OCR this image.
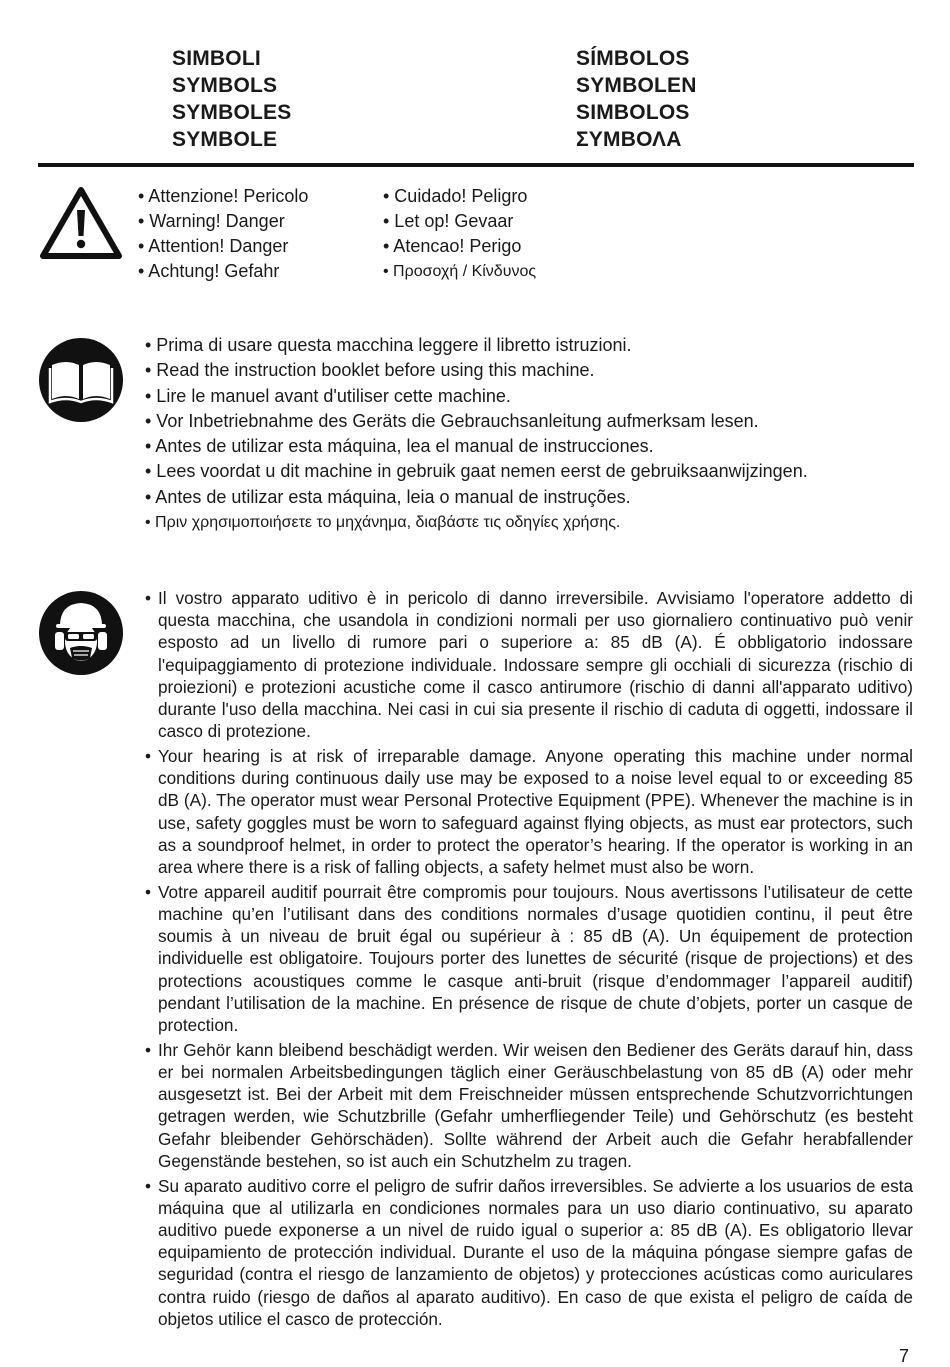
SIMBOLI
SYMBOLS
SYMBOLES
SYMBOLE
SÍMBOLOS
SYMBOLEN
SIMBOLOS
ΣΥΜΒΟΛΑ
• Attenzione! Pericolo
• Warning! Danger
• Attention! Danger
• Achtung! Gefahr
• Cuidado! Peligro
• Let op! Gevaar
• Atencao! Perigo
• Προσοχή / Κίνδυνος
• Prima di usare questa macchina leggere il libretto istruzioni.
• Read the instruction booklet before using this machine.
• Lire le manuel avant d'utiliser cette machine.
• Vor Inbetriebnahme des Geräts die Gebrauchsanleitung aufmerksam lesen.
• Antes de utilizar esta máquina, lea el manual de instrucciones.
• Lees voordat u dit machine in gebruik gaat nemen eerst de gebruiksaanwijzingen.
• Antes de utilizar esta máquina, leia o manual de instruções.
• Πριν χρησιμοποιήσετε το μηχάνημα, διαβάστε τις οδηγίες χρήσης.
• Il vostro apparato uditivo è in pericolo di danno irreversibile. Avvisiamo l'operatore addetto di questa macchina, che usandola in condizioni normali per uso giornaliero continuativo può venir esposto ad un livello di rumore pari o superiore a: 85 dB (A). É obbligatorio indossare l'equipaggiamento di protezione individuale. Indossare sempre gli occhiali di sicurezza (rischio di proiezioni) e protezioni acustiche come il casco antirumore (rischio di danni all'apparato uditivo) durante l'uso della macchina. Nei casi in cui sia presente il rischio di caduta di oggetti, indossare il casco di protezione.
• Your hearing is at risk of irreparable damage. Anyone operating this machine under normal conditions during continuous daily use may be exposed to a noise level equal to or exceeding 85 dB (A). The operator must wear Personal Protective Equipment (PPE). Whenever the machine is in use, safety goggles must be worn to safeguard against flying objects, as must ear protectors, such as a soundproof helmet, in order to protect the operator’s hearing. If the operator is working in an area where there is a risk of falling objects, a safety helmet must also be worn.
• Votre appareil auditif pourrait être compromis pour toujours. Nous avertissons l’utilisateur de cette machine qu’en l’utilisant dans des conditions normales d’usage quotidien continu, il peut être soumis à un niveau de bruit égal ou supérieur à : 85 dB (A). Un équipement de protection individuelle est obligatoire. Toujours porter des lunettes de sécurité (risque de projections) et des protections acoustiques comme le casque anti-bruit (risque d’endommager l’appareil auditif) pendant l’utilisation de la machine. En présence de risque de chute d’objets, porter un casque de protection.
• Ihr Gehör kann bleibend beschädigt werden. Wir weisen den Bediener des Geräts darauf hin, dass er bei normalen Arbeitsbedingungen täglich einer Geräuschbelastung von 85 dB (A) oder mehr ausgesetzt ist. Bei der Arbeit mit dem Freischneider müssen entsprechende Schutzvorrichtungen getragen werden, wie Schutzbrille (Gefahr umherfliegender Teile) und Gehörschutz (es besteht Gefahr bleibender Gehörschäden). Sollte während der Arbeit auch die Gefahr herabfallender Gegenstände bestehen, so ist auch ein Schutzhelm zu tragen.
• Su aparato auditivo corre el peligro de sufrir daños irreversibles. Se advierte a los usuarios de esta máquina que al utilizarla en condiciones normales para un uso diario continuativo, su aparato auditivo puede exponerse a un nivel de ruido igual o superior a: 85 dB (A). Es obligatorio llevar equipamiento de protección individual. Durante el uso de la máquina póngase siempre gafas de seguridad (contra el riesgo de lanzamiento de objetos) y protecciones acústicas como auriculares contra ruido (riesgo de daños al aparato auditivo). En caso de que exista el peligro de caída de objetos utilice el casco de protección.
7
